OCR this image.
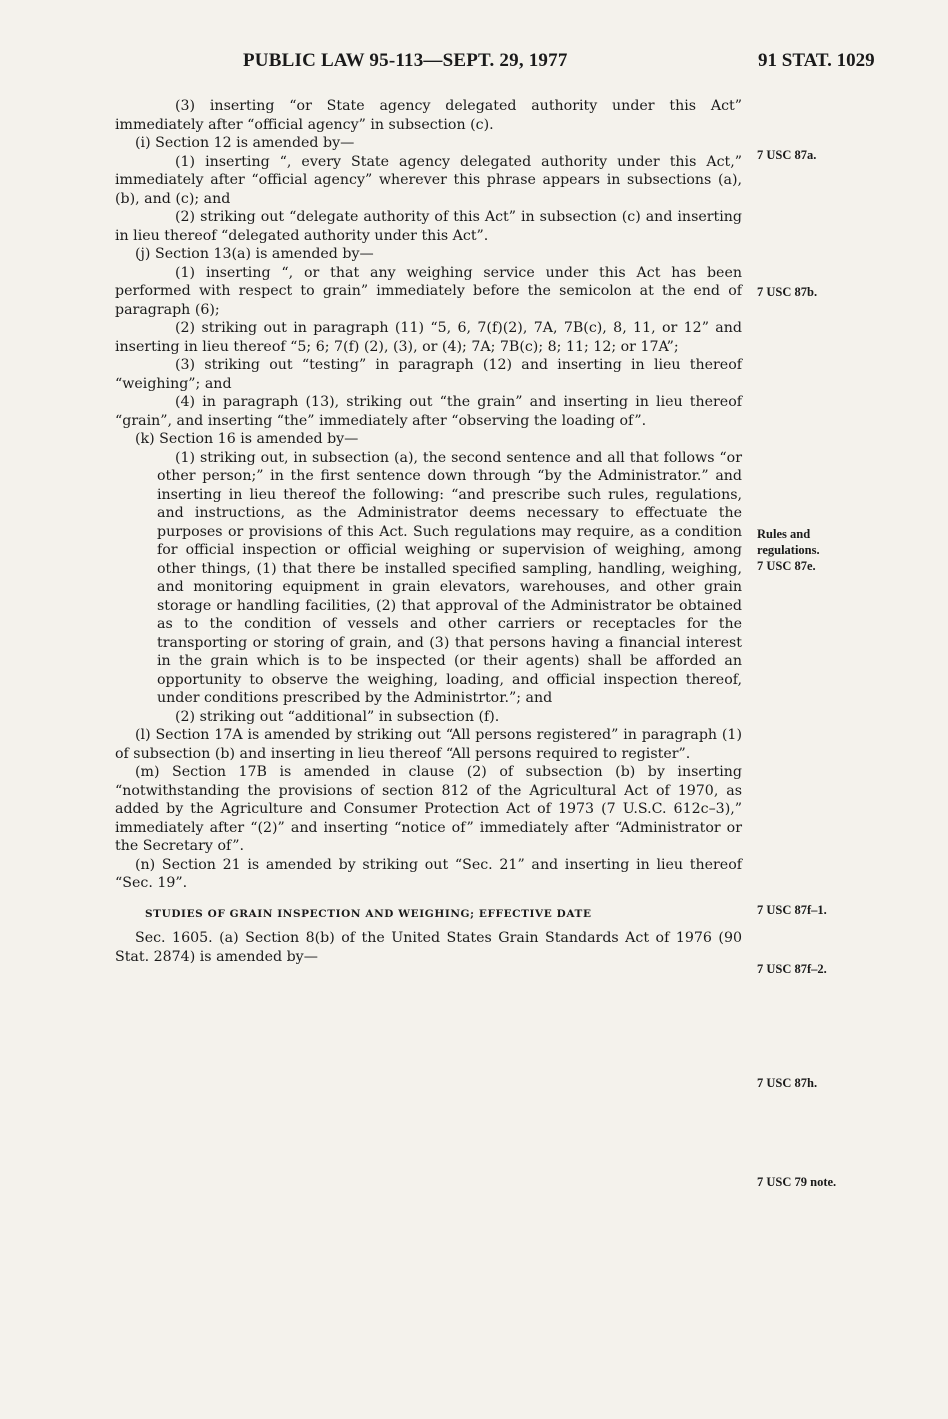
PUBLIC LAW 95-113—SEPT. 29, 1977	91 STAT. 1029

(3) inserting “or State agency delegated authority under this Act” immediately after “official agency” in subsection (c).

(i) Section 12 is amended by—

(1) inserting “, every State agency delegated authority under this Act,” immediately after “official agency” wherever this phrase appears in subsections (a), (b), and (c); and

(2) striking out “delegate authority of this Act” in subsection (c) and inserting in lieu thereof “delegated authority under this Act”.

(j) Section 13(a) is amended by—

(1) inserting “, or that any weighing service under this Act has been performed with respect to grain” immediately before the semicolon at the end of paragraph (6);

(2) striking out in paragraph (11) “5, 6, 7(f)(2), 7A, 7B(c), 8, 11, or 12” and inserting in lieu thereof “5; 6; 7(f) (2), (3), or (4); 7A; 7B(c); 8; 11; 12; or 17A”;

(3) striking out “testing” in paragraph (12) and inserting in lieu thereof “weighing”; and

(4) in paragraph (13), striking out “the grain” and inserting in lieu thereof “grain”, and inserting “the” immediately after “observing the loading of”.

(k) Section 16 is amended by—

(1) striking out, in subsection (a), the second sentence and all that follows “or other person;” in the first sentence down through “by the Administrator.” and inserting in lieu thereof the following: “and prescribe such rules, regulations, and instructions, as the Administrator deems necessary to effectuate the purposes or provisions of this Act. Such regulations may require, as a condition for official inspection or official weighing or supervision of weighing, among other things, (1) that there be installed specified sampling, handling, weighing, and monitoring equipment in grain elevators, warehouses, and other grain storage or handling facilities, (2) that approval of the Administrator be obtained as to the condition of vessels and other carriers or receptacles for the transporting or storing of grain, and (3) that persons having a financial interest in the grain which is to be inspected (or their agents) shall be afforded an opportunity to observe the weighing, loading, and official inspection thereof, under conditions prescribed by the Administrtor.”; and

(2) striking out “additional” in subsection (f).

(l) Section 17A is amended by striking out “All persons registered” in paragraph (1) of subsection (b) and inserting in lieu thereof “All persons required to register”.

(m) Section 17B is amended in clause (2) of subsection (b) by inserting “notwithstanding the provisions of section 812 of the Agricultural Act of 1970, as added by the Agriculture and Consumer Protection Act of 1973 (7 U.S.C. 612c–3),” immediately after “(2)” and inserting “notice of” immediately after “Administrator or the Secretary of”.

(n) Section 21 is amended by striking out “Sec. 21” and inserting in lieu thereof “Sec. 19”.

STUDIES OF GRAIN INSPECTION AND WEIGHING; EFFECTIVE DATE

Sec. 1605. (a) Section 8(b) of the United States Grain Standards Act of 1976 (90 Stat. 2874) is amended by—

7 USC 87a.
7 USC 87b.
Rules and
regulations.
7 USC 87e.
7 USC 87f–1.
7 USC 87f–2.
7 USC 87h.
7 USC 79 note.
